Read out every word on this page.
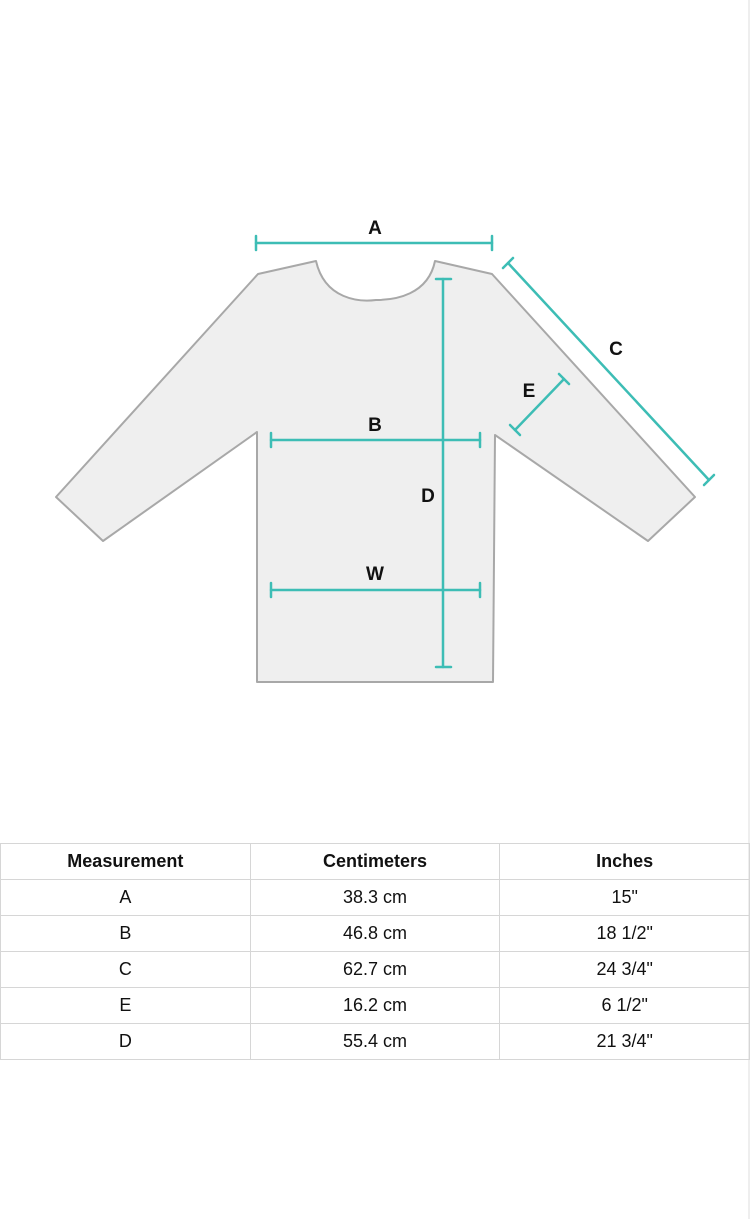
A
B
C
D
E
W
Measurement	Centimeters	Inches
A	38.3 cm	15"
B	46.8 cm	18 1/2"
C	62.7 cm	24 3/4"
E	16.2 cm	6 1/2"
D	55.4 cm	21 3/4"
